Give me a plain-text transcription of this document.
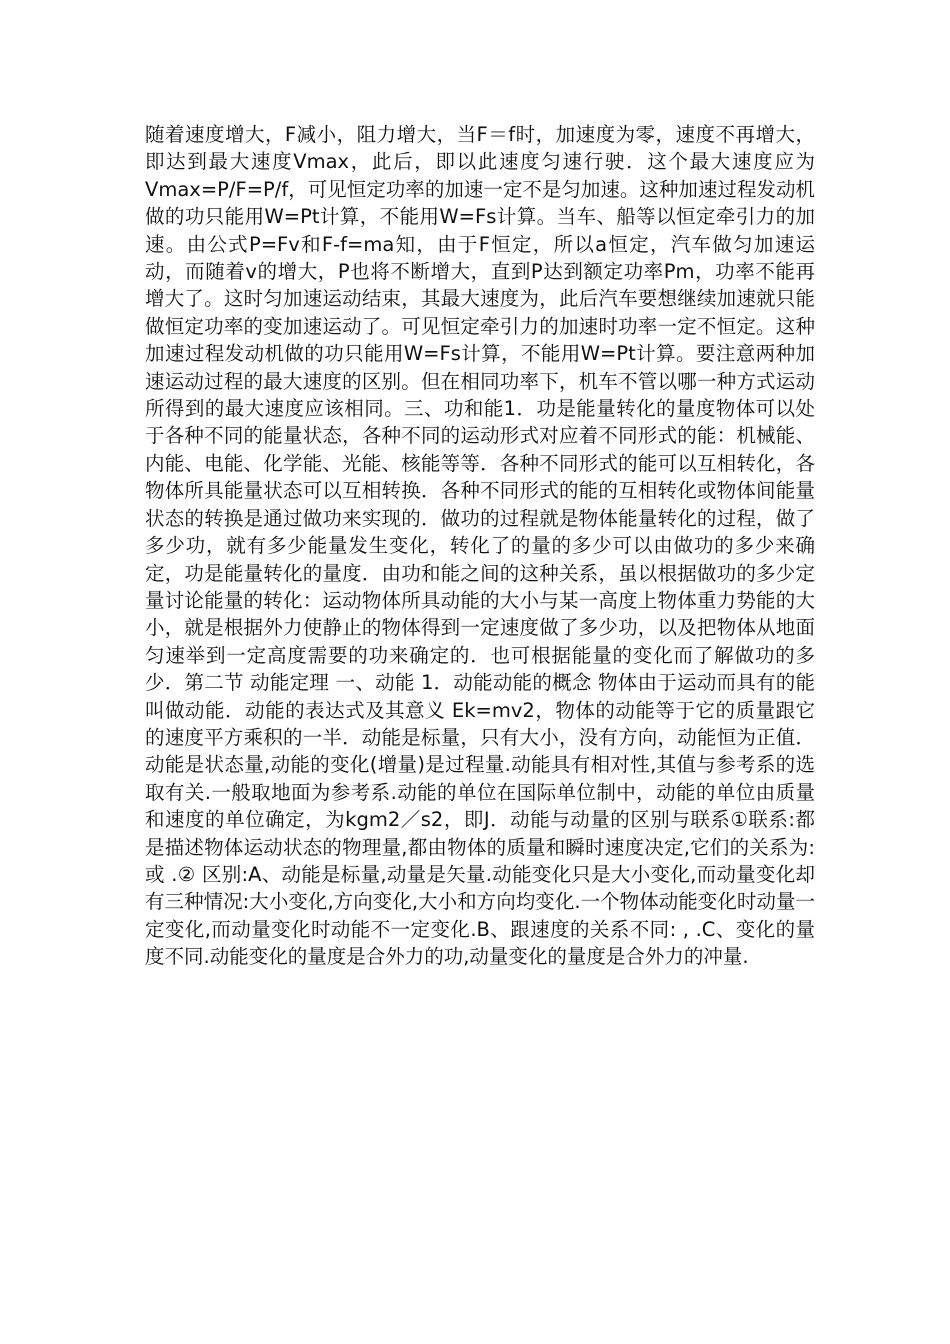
随着速度增大，F减小，阻力增大，当F＝f时，加速度为零，速度不再增大，即达到最大速度Vmax，此后，即以此速度匀速行驶．这个最大速度应为Vmax=P/F=P/f，可见恒定功率的加速一定不是匀加速。这种加速过程发动机做的功只能用W=Pt计算，不能用W=Fs计算。当车、船等以恒定牵引力的加速。由公式P=Fv和F-f=ma知，由于F恒定，所以a恒定，汽车做匀加速运动，而随着v的增大，P也将不断增大，直到P达到额定功率Pm，功率不能再增大了。这时匀加速运动结束，其最大速度为，此后汽车要想继续加速就只能做恒定功率的变加速运动了。可见恒定牵引力的加速时功率一定不恒定。这种加速过程发动机做的功只能用W=Fs计算，不能用W=Pt计算。要注意两种加速运动过程的最大速度的区别。但在相同功率下，机车不管以哪一种方式运动所得到的最大速度应该相同。三、功和能1．功是能量转化的量度物体可以处于各种不同的能量状态，各种不同的运动形式对应着不同形式的能：机械能、内能、电能、化学能、光能、核能等等．各种不同形式的能可以互相转化，各物体所具能量状态可以互相转换．各种不同形式的能的互相转化或物体间能量状态的转换是通过做功来实现的．做功的过程就是物体能量转化的过程，做了多少功，就有多少能量发生变化，转化了的量的多少可以由做功的多少来确定，功是能量转化的量度．由功和能之间的这种关系，虽以根据做功的多少定量讨论能量的转化：运动物体所具动能的大小与某一高度上物体重力势能的大小，就是根据外力使静止的物体得到一定速度做了多少功，以及把物体从地面匀速举到一定高度需要的功来确定的．也可根据能量的变化而了解做功的多少．第二节 动能定理 一、动能 1．动能动能的概念 物体由于运动而具有的能叫做动能．动能的表达式及其意义 Ek=mv2，物体的动能等于它的质量跟它的速度平方乘积的一半．动能是标量，只有大小，没有方向，动能恒为正值．动能是状态量,动能的变化(增量)是过程量.动能具有相对性,其值与参考系的选取有关.一般取地面为参考系.动能的单位在国际单位制中，动能的单位由质量和速度的单位确定，为kgm2／s2，即J．动能与动量的区别与联系①联系:都是描述物体运动状态的物理量,都由物体的质量和瞬时速度决定,它们的关系为: 或 .② 区别:A、动能是标量,动量是矢量.动能变化只是大小变化,而动量变化却有三种情况:大小变化,方向变化,大小和方向均变化.一个物体动能变化时动量一定变化,而动量变化时动能不一定变化.B、跟速度的关系不同: , .C、变化的量度不同.动能变化的量度是合外力的功,动量变化的量度是合外力的冲量.
